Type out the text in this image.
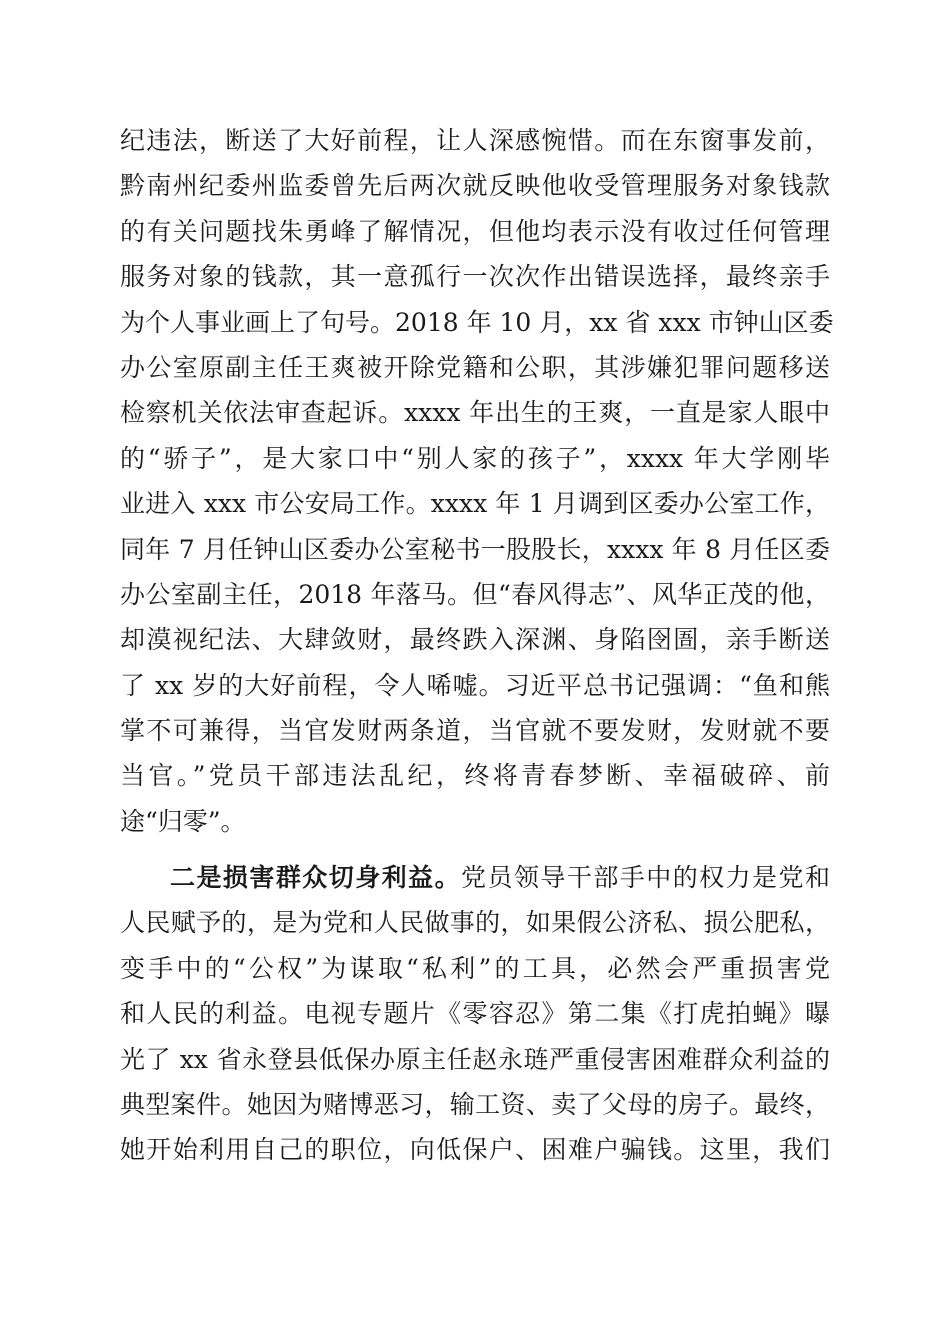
纪违法，断送了大好前程，让人深感惋惜。而在东窗事发前，
黔南州纪委州监委曾先后两次就反映他收受管理服务对象钱款
的有关问题找朱勇峰了解情况，但他均表示没有收过任何管理
服务对象的钱款，其一意孤行一次次作出错误选择，最终亲手
为个人事业画上了句号。2018 年 10 月，xx 省 xxx 市钟山区委
办公室原副主任王爽被开除党籍和公职，其涉嫌犯罪问题移送
检察机关依法审查起诉。xxxx 年出生的王爽，一直是家人眼中
的“骄子”，是大家口中“别人家的孩子”，xxxx 年大学刚毕
业进入 xxx 市公安局工作。xxxx 年 1 月调到区委办公室工作，
同年 7 月任钟山区委办公室秘书一股股长，xxxx 年 8 月任区委
办公室副主任，2018 年落马。但“春风得志”、风华正茂的他，
却漠视纪法、大肆敛财，最终跌入深渊、身陷囹圄，亲手断送
了 xx 岁的大好前程，令人唏嘘。习近平总书记强调：“鱼和熊
掌不可兼得，当官发财两条道，当官就不要发财，发财就不要
当官。”党员干部违法乱纪，终将青春梦断、幸福破碎、前
途“归零”。
二是损害群众切身利益。党员领导干部手中的权力是党和
人民赋予的，是为党和人民做事的，如果假公济私、损公肥私，
变手中的“公权”为谋取“私利”的工具，必然会严重损害党
和人民的利益。电视专题片《零容忍》第二集《打虎拍蝇》曝
光了 xx 省永登县低保办原主任赵永琏严重侵害困难群众利益的
典型案件。她因为赌博恶习，输工资、卖了父母的房子。最终，
她开始利用自己的职位，向低保户、困难户骗钱。这里，我们
